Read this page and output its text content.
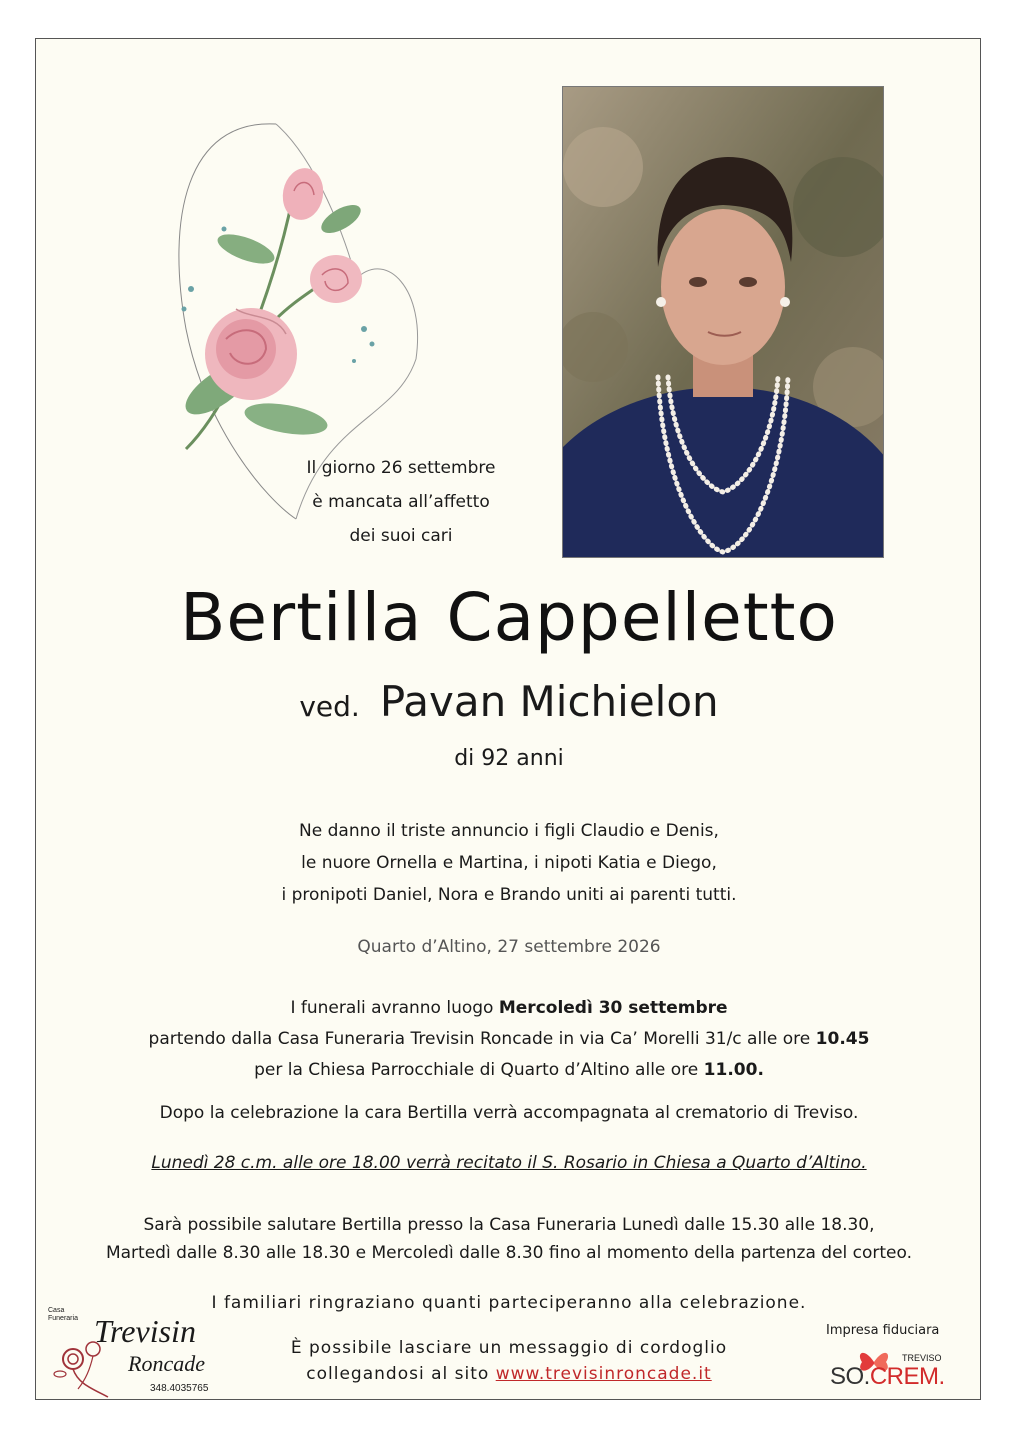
Il giorno 26 settembre
è mancata all’affetto
dei suoi cari
Bertilla Cappelletto
ved. Pavan Michielon
di 92 anni
Ne danno il triste annuncio i figli Claudio e Denis,
le nuore Ornella e Martina, i nipoti Katia e Diego,
i pronipoti Daniel, Nora e Brando uniti ai parenti tutti.
Quarto d’Altino, 27 settembre 2026
I funerali avranno luogo Mercoledì 30 settembre
partendo dalla Casa Funeraria Trevisin Roncade in via Ca’ Morelli 31/c alle ore 10.45
per la Chiesa Parrocchiale di Quarto d’Altino alle ore 11.00.
Dopo la celebrazione la cara Bertilla verrà accompagnata al crematorio di Treviso.
Lunedì 28 c.m. alle ore 18.00 verrà recitato il S. Rosario in Chiesa a Quarto d’Altino.
Sarà possibile salutare Bertilla presso la Casa Funeraria Lunedì dalle 15.30 alle 18.30,
Martedì dalle 8.30 alle 18.30 e Mercoledì dalle 8.30 fino al momento della partenza del corteo.
I familiari ringraziano quanti parteciperanno alla celebrazione.
È possibile lasciare un messaggio di cordoglio
collegandosi al sito www.trevisinroncade.it
Casa
Funeraria Trevisin
Roncade
348.4035765
Impresa fiduciara
TREVISO
SO.CREM.
